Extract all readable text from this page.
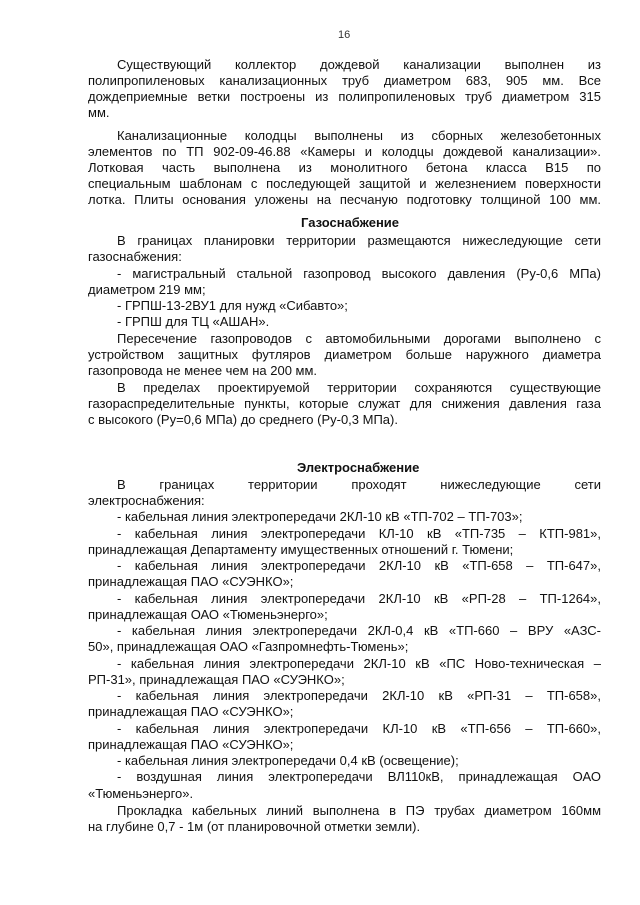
16
Существующий коллектор дождевой канализации выполнен из
полипропиленовых канализационных труб диаметром 683, 905 мм. Все
дождеприемные ветки построены из полипропиленовых труб диаметром 315
мм.
Канализационные колодцы выполнены из сборных железобетонных
элементов по ТП 902-09-46.88 «Камеры и колодцы дождевой канализации».
Лотковая часть выполнена из монолитного бетона класса В15 по
специальным шаблонам с последующей защитой и железнением поверхности
лотка. Плиты основания уложены на песчаную подготовку толщиной 100 мм.
Газоснабжение
В границах планировки территории размещаются нижеследующие сети
газоснабжения:
- магистральный стальной газопровод высокого давления (Ру-0,6 МПа)
диаметром 219 мм;
- ГРПШ-13-2ВУ1 для нужд «Сибавто»;
- ГРПШ для ТЦ «АШАН».
Пересечение газопроводов с автомобильными дорогами выполнено с
устройством защитных футляров диаметром больше наружного диаметра
газопровода не менее чем на 200 мм.
В пределах проектируемой территории сохраняются существующие
газораспределительные пункты, которые служат для снижения давления газа
с высокого (Ру=0,6 МПа) до среднего (Ру-0,3 МПа).
Электроснабжение
В границах территории проходят нижеследующие сети
электроснабжения:
- кабельная линия электропередачи 2КЛ-10 кВ «ТП-702 – ТП-703»;
- кабельная линия электропередачи КЛ-10 кВ «ТП-735 – КТП-981»,
принадлежащая Департаменту имущественных отношений г. Тюмени;
- кабельная линия электропередачи 2КЛ-10 кВ «ТП-658 – ТП-647»,
принадлежащая ПАО «СУЭНКО»;
- кабельная линия электропередачи 2КЛ-10 кВ «РП-28 – ТП-1264»,
принадлежащая ОАО «Тюменьэнерго»;
- кабельная линия электропередачи 2КЛ-0,4 кВ «ТП-660 – ВРУ «АЗС-
50», принадлежащая ОАО «Газпромнефть-Тюмень»;
- кабельная линия электропередачи 2КЛ-10 кВ «ПС Ново-техническая –
РП-31», принадлежащая ПАО «СУЭНКО»;
- кабельная линия электропередачи 2КЛ-10 кВ «РП-31 – ТП-658»,
принадлежащая ПАО «СУЭНКО»;
- кабельная линия электропередачи КЛ-10 кВ «ТП-656 – ТП-660»,
принадлежащая ПАО «СУЭНКО»;
- кабельная линия электропередачи 0,4 кВ (освещение);
- воздушная линия электропередачи ВЛ110кВ, принадлежащая ОАО
«Тюменьэнерго».
Прокладка кабельных линий выполнена в ПЭ трубах диаметром 160мм
на глубине 0,7 - 1м (от планировочной отметки земли).
